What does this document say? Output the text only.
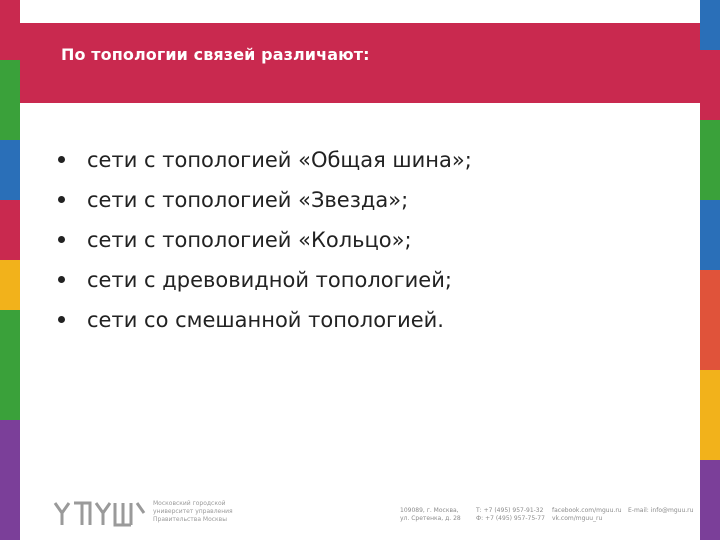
По топологии связей различают:
сети с топологией «Общая шина»;
сети с топологией «Звезда»;
сети с топологией «Кольцо»;
сети с древовидной топологией;
сети со смешанной топологией.
Московский городской
университет управления
Правительства Москвы
109089, г. Москва,
ул. Сретенка, д. 28
Т: +7 (495) 957-91-32
Ф: +7 (495) 957-75-77
facebook.com/mguu.ru
vk.com/mguu_ru
E-mail: info@mguu.ru
